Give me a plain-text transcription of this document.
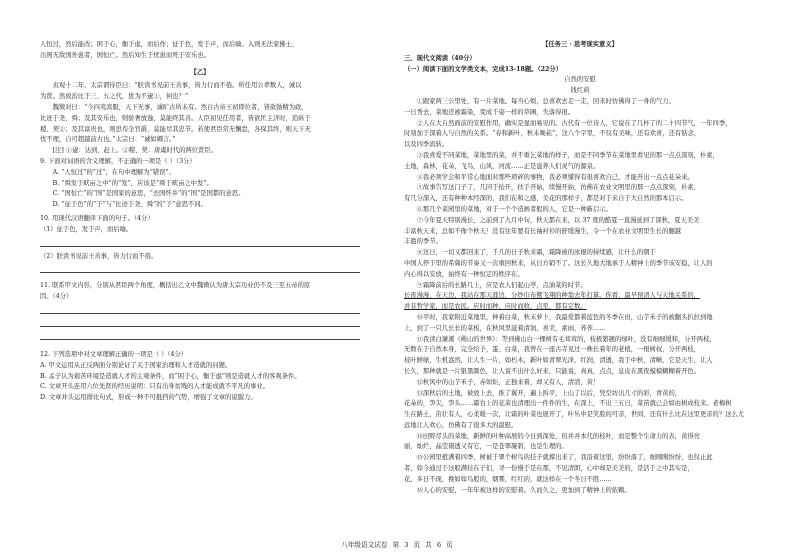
人恒过，然后能改；困于心，衡于虑，而后作；征于色，发于声，而后喻。入则无法家拂士，

出则无敌国外患者，国恒亡。然后知生于忧患而死于安乐也。

【乙】

贞观十二年，太宗谓侍臣曰：“朕读书见前王善事，皆力行而不倦。所任用公辈数人，诚以

为贤。然致治比于三、五之代，犹为不逮①，何也？”

魏徵对曰：“今四夷宾服，天下无事，诚旷古所未有。然自古帝王初即位者，皆欲励精为政，

比迹于尧、舜；及其安乐也，则骄奢放逸，莫能终其善。人臣初见任用者，皆欲匡主济时，追纵于

稷、契②；及其富贵也，则思苟全官爵，莫能尽其忠节。若使君臣常无懈怠，各保其终，则天下无

忧不理，自可超越前古也。”太宗曰：“诚如卿言。”

[注] ①逮：达到，赶上。②稷、契：唐虞时代的两位贤臣。

9. 下面对词语的含义理解，不正确的一项是（ ）（3分）

A. “人恒过”的“过”，在句中理解为“错误”。

B. “舜发于畎亩之中”的“发”，应该是“舜于畎亩之中发”。

C. “国恒亡”的“国”是国家的意思，“去国怀乡”的“国”是国都的意思。

D. “征于色”的“于”与“比迹于尧、舜”的“于”意思不同。

10. 用现代汉语翻译下面的句子。（4分）

（1）征于色，发于声，而后喻。

（2）朕读书见前王善事，皆力行而不倦。

11. 联系甲文内容，分别从君臣两个角度，概括出乙文中魏徵认为唐太宗功业仍不及三至五帝的原

因。（4分）

12. 下列选项中对文章理解正确的一项是（ ）（4分）

A. 甲文运用从正反两面分别论证了关于国家治理和人才造就的问题。

B. 孟子认为艰苦环境是造就人才的主观条件，而“困于心，衡于虑”则是造就人才的客观条件。

C. 文章开头连用六位先贤的经历说明：只有出身贫贱的人才能成就不平凡的事业。

D. 文章并头运用排比句式，形成一种不可抵挡的气势，增强了文章的说服力。

【任务三 · 思考现实意义】

三、现代文阅读（40分）

（一）阅读下面的文学类文本，完成13-18题。（22分）

自然的安慰

钱红莉

①跟家两三公里处，有一片菜地。每当心烦，总喜欢去走一走，回来时仿佛得了一身的气力。

一日秀去，菜地还被霜染，变成千姿一样的草圃，失落得很。

②人在大自然面前的安慰作用，确实是显而易见的。古代有一位诗人，它说在了几杯了的二十四节气，一年四季，

时刻加于深着人与自然的关系。“春和新叶，秋末晚菘”，这八个字里，不仅有美味，还有欢喜，还有惦念，

以及四季流转。

③我喜爱不同菜地，菜地里的菜，并不重乞菜地的样子，而是不同季节在菜地里看见的那一点点深刻，朴素，

土地，森林，花朵，飞鸟，山风，河流……正是滋养人们灵气的源泉。

④我必须学会和平常心地面对那些琐碎的事物，我必须懂得有很喜欢自己，才能开出一点点花朵来。

⑤故事告写这门子了，几同于抬开，扶手开始，续慢开始，仿佛在农业文明里的那一点点深刻，朴素，

有几分深入，还有种种本经深的，我们在和之感，美花的那样子，都是对于来自于大自然的那本启示。

⑥那几个菜园里的菜地，对于一个个造画者般的人，它是一种新启示。

⑦今年夏天特别漫长，之前到了九月中旬，秋天都在来，以 37 度的酷夏一直漫延到了深秋，夏天美美

丰富秋天来，总如不像个秋天！没有往年要有长袖衬衫的舒缓漫生，令一个在农业文明里生长的翻越

丰盈的季节。

⑧这日，一切又都回来了，千几的日子秋来霜，霜降被的冰棍的持续感，让什么的朝于

中国人停于里的希冀的节奏又一次重回秋来，从日方销不了。这长久地大地承于人精神上的季节该安稳，让人的

内心得以安放，始终有一种恒定的秩序在。

⑨霜降前后的长路几上，应是农人们起山亭，点油菜的时节。

长夜漫漫，在天边，我站在那天涯边，分纱巾布鹭飞翔的种翁去年打算。你看，最早预清人与天地关系的，

并非哲学家，而是农民。应时而种，应时而收，点至，都有定数。

⑩平时，我家附近菜地里，种着白菜，秋末萝卜，我最爱都着蓝色的冬季在田，山芋禾子的被翻头扒拉到地

上，到了一只几长长的菜板，在秋风里滋着清润，喜美，素雨，荞荞……

⑪我读白谦溪《佛山的世界》：等到佛山白一棵树有毛茸茸的，枝极繁翘的绿叶，没有细细缓和，分开两枝，

无数在于自然本身，完全给予，蛋、白菜，我曾在一座古寺见过一株长着年的老植，一根树杈，分开两枝，

枝叶鲜绿，生机盎然，让人生一片，如朽木，新叶如青翠光泽，红润，清透，我于中秋，清晰，它是天生，让人

长久，那种就是一片银黑颜色，让人说不出什么好来，只能说，真真，点点，息皮在黑夜模模糊糊着开色。

⑫秋风中的山芋禾子，赤如炬，正独来着，却又有人，清清、黄！

⑬深秋后的土地，被放上去，推了翼开，遍上拆平，上山了以后，凭空坊出几寸的彩，青黄的，

花朵的，笋尖，笋头……霜台上的花菜也清理出一件件的生，在深上，不出三五日，菜苗就已会如由树成枝来。老梅树

生在路土，茁壮有人，心柔暖一次，让霜的叶菜也展开了，叶丛中是笑脸的可亲，世间，还有什么比在这里更亲的？这么尤

远地让人欢心，仿佛有了很多大的温慰。

⑭田野尽头的菜地，新鲜的叶种高展的今日到深处，但并并本代的枝叶，而是整个生命力的表，黄得亮

丽，灿烂，晶莹剔透又有它，一是苍翠凝碧，也是生理的。

⑮公园里植满着四季，树被于翠个树鸟的挂子就撑出来了，我沿着这里，纷纷落了，细刚刚纷纷，也仅止此

者，如今通过于这般满挂在子们，寻一份慢于是在那，不见清朗，心中却是美美的，是活于之中其实是，

花，多日不现，挽如如鸟般的，烟雾，红红的，就这样在一个冬日不胜……

⑯人心的安慰，一年年被这样的安慰着。久而久之，更加到了精神上的依赖。

八年级语文试卷 第 3 页 共 6 页
